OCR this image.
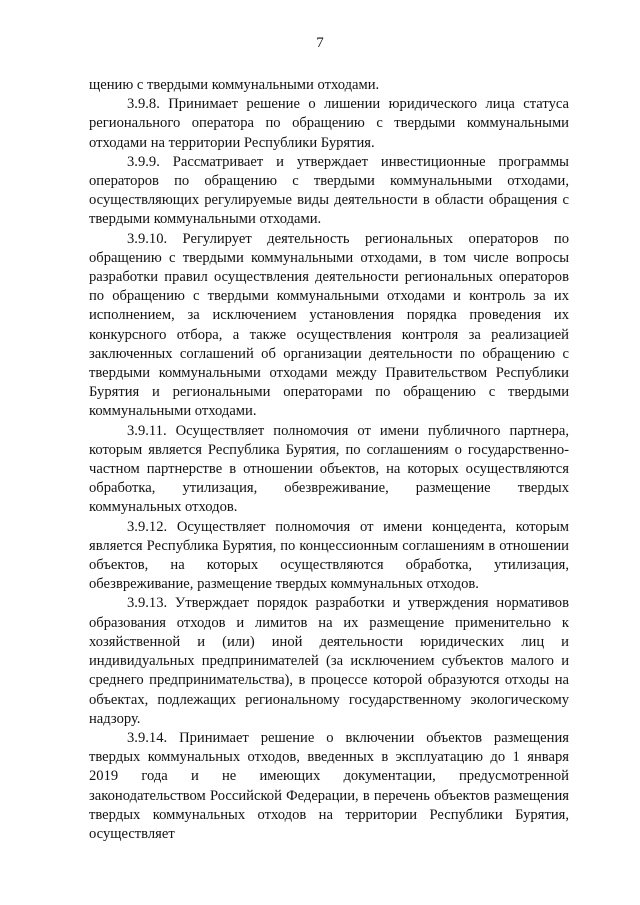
7

щению с твердыми коммунальными отходами.

3.9.8. Принимает решение о лишении юридического лица статуса регионального оператора по обращению с твердыми коммунальными отходами на территории Республики Бурятия.

3.9.9. Рассматривает и утверждает инвестиционные программы операторов по обращению с твердыми коммунальными отходами, осуществляющих регулируемые виды деятельности в области обращения с твердыми коммунальными отходами.

3.9.10. Регулирует деятельность региональных операторов по обращению с твердыми коммунальными отходами, в том числе вопросы разработки правил осуществления деятельности региональных операторов по обращению с твердыми коммунальными отходами и контроль за их исполнением, за исключением установления порядка проведения их конкурсного отбора, а также осуществления контроля за реализацией заключенных соглашений об организации деятельности по обращению с твердыми коммунальными отходами между Правительством Республики Бурятия и региональными операторами по обращению с твердыми коммунальными отходами.

3.9.11. Осуществляет полномочия от имени публичного партнера, которым является Республика Бурятия, по соглашениям о государственно-частном партнерстве в отношении объектов, на которых осуществляются обработка, утилизация, обезвреживание, размещение твердых коммунальных отходов.

3.9.12. Осуществляет полномочия от имени концедента, которым является Республика Бурятия, по концессионным соглашениям в отношении объектов, на которых осуществляются обработка, утилизация, обезвреживание, размещение твердых коммунальных отходов.

3.9.13. Утверждает порядок разработки и утверждения нормативов образования отходов и лимитов на их размещение применительно к хозяйственной и (или) иной деятельности юридических лиц и индивидуальных предпринимателей (за исключением субъектов малого и среднего предпринимательства), в процессе которой образуются отходы на объектах, подлежащих региональному государственному экологическому надзору.

3.9.14. Принимает решение о включении объектов размещения твердых коммунальных отходов, введенных в эксплуатацию до 1 января 2019 года и не имеющих документации, предусмотренной законодательством Российской Федерации, в перечень объектов размещения твердых коммунальных отходов на территории Республики Бурятия, осуществляет
